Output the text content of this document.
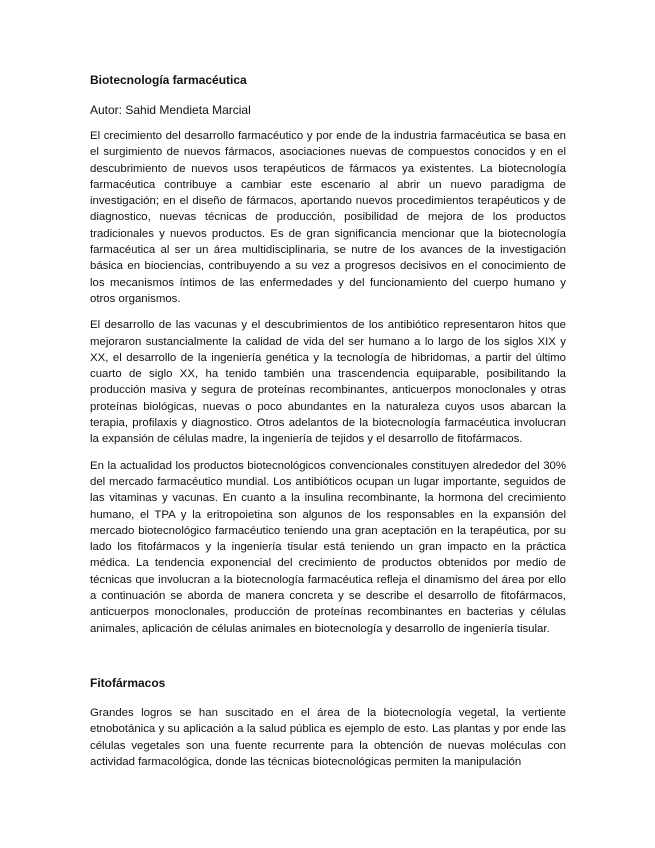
Biotecnología farmacéutica
Autor: Sahid Mendieta Marcial

El crecimiento del desarrollo farmacéutico y por ende de la industria farmacéutica se basa en el surgimiento de nuevos fármacos, asociaciones nuevas de compuestos conocidos y en el descubrimiento de nuevos usos terapéuticos de fármacos ya existentes. La biotecnología farmacéutica contribuye a cambiar este escenario al abrir un nuevo paradigma de investigación; en el diseño de fármacos, aportando nuevos procedimientos terapéuticos y de diagnostico, nuevas técnicas de producción, posibilidad de mejora de los productos tradicionales y nuevos productos. Es de gran significancia mencionar que la biotecnología farmacéutica al ser un área multidisciplinaria, se nutre de los avances de la investigación básica en biociencias, contribuyendo a su vez a progresos decisivos en el conocimiento de los mecanismos íntimos de las enfermedades y del funcionamiento del cuerpo humano y otros organismos.

El desarrollo de las vacunas y el descubrimientos de los antibiótico representaron hitos que mejoraron sustancialmente la calidad de vida del ser humano a lo largo de los siglos XIX y XX, el desarrollo de la ingeniería genética y la tecnología de hibridomas, a partir del último cuarto de siglo XX, ha tenido también una trascendencia equiparable, posibilitando la producción masiva y segura de proteínas recombinantes, anticuerpos monoclonales y otras proteínas biológicas, nuevas o poco abundantes en la naturaleza cuyos usos abarcan la terapia, profilaxis y diagnostico. Otros adelantos de la biotecnología farmacéutica involucran la expansión de células madre, la ingeniería de tejidos y el desarrollo de fitofármacos.

En la actualidad los productos biotecnológicos convencionales constituyen alrededor del 30% del mercado farmacéutico mundial. Los antibióticos ocupan un lugar importante, seguidos de las vitaminas y vacunas. En cuanto a la insulina recombinante, la hormona del crecimiento humano, el TPA y la eritropoietina son algunos de los responsables en la expansión del mercado biotecnológico farmacéutico teniendo una gran aceptación en la terapéutica, por su lado los fitofármacos y la ingeniería tisular está teniendo un gran impacto en la práctica médica. La tendencia exponencial del crecimiento de productos obtenidos por medio de técnicas que involucran a la biotecnología farmacéutica refleja el dinamismo del área por ello a continuación se aborda de manera concreta y se describe el desarrollo de fitofármacos, anticuerpos monoclonales, producción de proteínas recombinantes en bacterias y células animales, aplicación de células animales en biotecnología y desarrollo de ingeniería tisular.

Fitofármacos

Grandes logros se han suscitado en el área de la biotecnología vegetal, la vertiente etnobotánica y su aplicación a la salud pública es ejemplo de esto. Las plantas y por ende las células vegetales son una fuente recurrente para la obtención de nuevas moléculas con actividad farmacológica, donde las técnicas biotecnológicas permiten la manipulación
